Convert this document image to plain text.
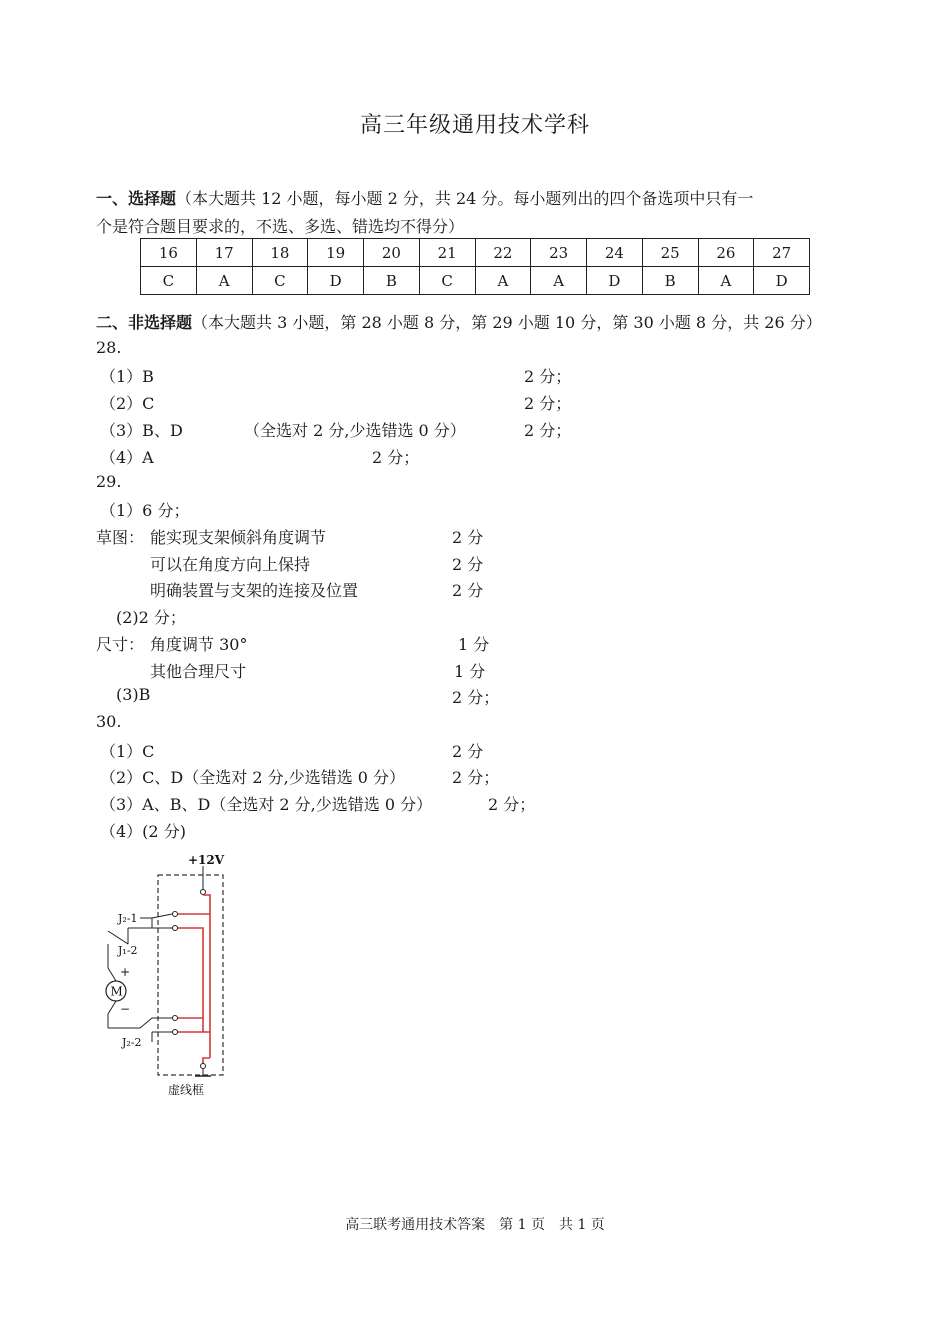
高三年级通用技术学科
一、选择题（本大题共 12 小题，每小题 2 分，共 24 分。每小题列出的四个备选项中只有一
个是符合题目要求的，不选、多选、错选均不得分）
16	17	18	19	20	21	22	23	24	25	26	27
C	A	C	D	B	C	A	A	D	B	A	D
二、非选择题（本大题共 3 小题，第 28 小题 8 分，第 29 小题 10 分，第 30 小题 8 分，共 26 分）
28.
（1）B	2 分；
（2）C	2 分；
（3）B、D	（全选对 2 分,少选错选 0 分）	2 分；
（4）A	2 分；
29.
（1）6 分；
草图： 能实现支架倾斜角度调节	2 分
可以在角度方向上保持	2 分
明确装置与支架的连接及位置	2 分
(2)2 分；
尺寸： 角度调节 30°	1 分
其他合理尺寸	1 分
(3)B	2 分；
30.
（1）C	2 分
（2）C、D（全选对 2 分,少选错选 0 分）	2 分；
（3）A、B、D（全选对 2 分,少选错选 0 分）	2 分；
（4）(2 分)
+12V
J₂-1
J₁-2
+
M
−
J₂-2
虚线框
高三联考通用技术答案　第 1 页　共 1 页
